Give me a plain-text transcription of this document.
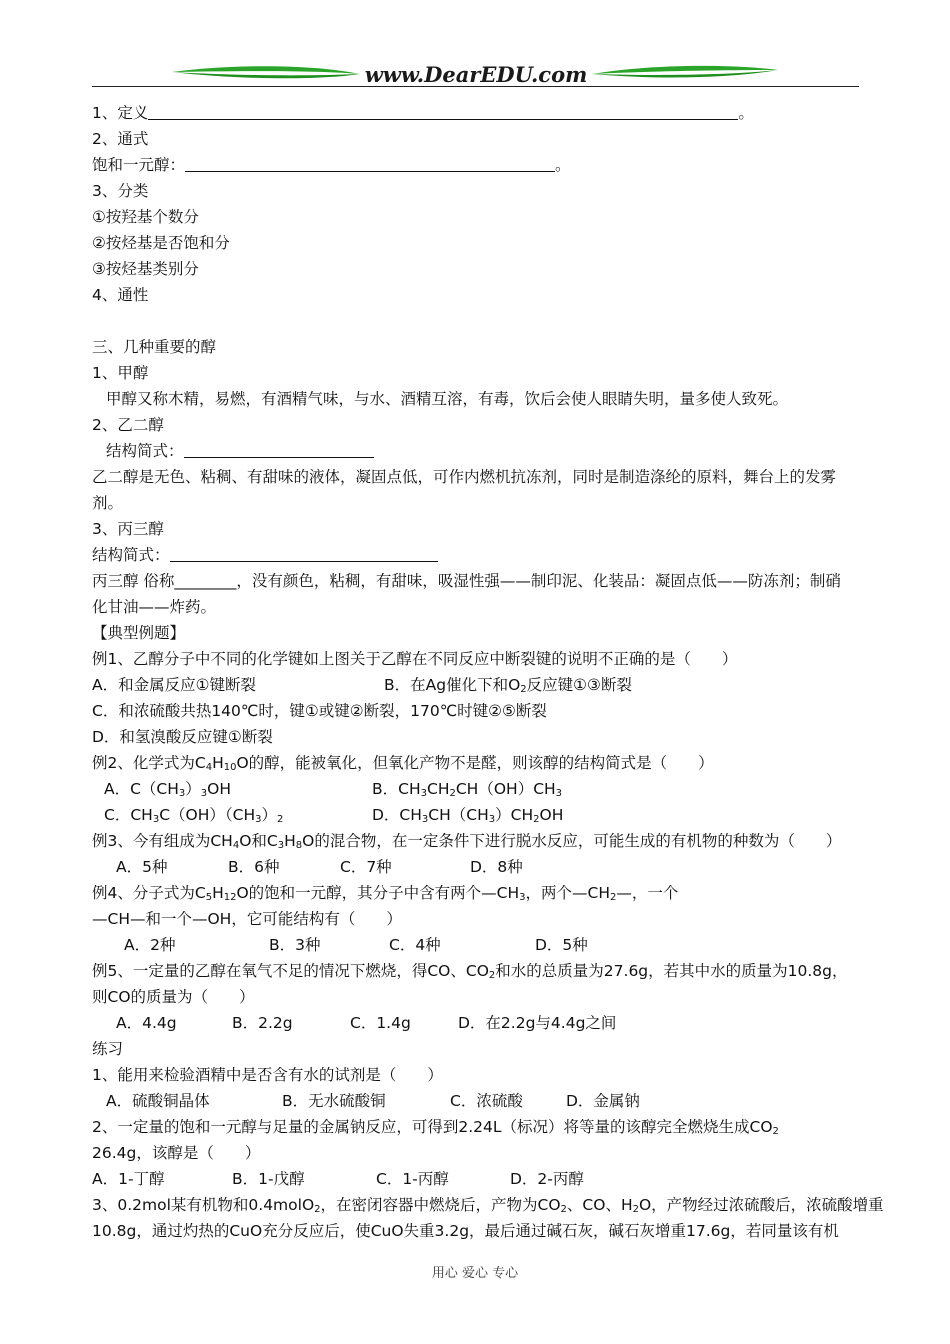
www.DearEDU.com
1、定义	。
2、通式
饱和一元醇：	。
3、分类
①按羟基个数分
②按烃基是否饱和分
③按烃基类别分
4、通性
三、几种重要的醇
1、甲醇
甲醇又称木精，易燃，有酒精气味，与水、酒精互溶，有毒，饮后会使人眼睛失明，量多使人致死。
2、乙二醇
结构简式：
乙二醇是无色、粘稠、有甜味的液体，凝固点低，可作内燃机抗冻剂，同时是制造涤纶的原料，舞台上的发雾剂。
3、丙三醇
结构简式：
丙三醇 俗称________，没有颜色，粘稠，有甜味，吸湿性强——制印泥、化装品：凝固点低——防冻剂；制硝
化甘油——炸药。
【典型例题】
例1、乙醇分子中不同的化学键如上图关于乙醇在不同反应中断裂键的说明不正确的是（　　）
A．和金属反应①键断裂	B．在Ag催化下和$O_2$反应键①③断裂
C．和浓硫酸共热140℃时，键①或键②断裂，170℃时键②⑤断裂
D．和氢溴酸反应键①断裂
例2、化学式为$C_4H_{10}O$的醇，能被氧化，但氧化产物不是醛，则该醇的结构简式是（　　）
A．$C(CH_3)_3OH$	B．$CH_3CH_2CH(OH)CH_3$
C．$CH_3C(OH)(CH_3)_2$	D．$CH_3CH(CH_3)CH_2OH$
例3、今有组成为$CH_4O$和$C_3H_8O$的混合物，在一定条件下进行脱水反应，可能生成的有机物的种数为（　　）
A．5种	B．6种	C．7种	D．8种
例4、分子式为$C_5H_{12}O$的饱和一元醇，其分子中含有两个$—CH_3$，两个$—CH_2—$，一个
—CH—和一个—OH，它可能结构有（　　）
A．2种	B．3种	C．4种	D．5种
例5、一定量的乙醇在氧气不足的情况下燃烧，得CO、$CO_2$和水的总质量为27.6g，若其中水的质量为10.8g，
则CO的质量为（　　）
A．4.4g	B．2.2g	C．1.4g	D．在2.2g与4.4g之间
练习
1、能用来检验酒精中是否含有水的试剂是（　　）
A．硫酸铜晶体	B．无水硫酸铜	C．浓硫酸	D．金属钠
2、一定量的饱和一元醇与足量的金属钠反应，可得到2.24L（标况）将等量的该醇完全燃烧生成$CO_2$
26.4g，该醇是（　　）
A．1-丁醇	B．1-戊醇	C．1-丙醇	D．2-丙醇
3、0.2mol某有机物和0.4molO$_2$，在密闭容器中燃烧后，产物为$CO_2$、CO、$H_2O$，产物经过浓硫酸后，浓硫酸增重
10.8g，通过灼热的CuO充分反应后，使CuO失重3.2g，最后通过碱石灰，碱石灰增重17.6g，若同量该有机
用心 爱心 专心
